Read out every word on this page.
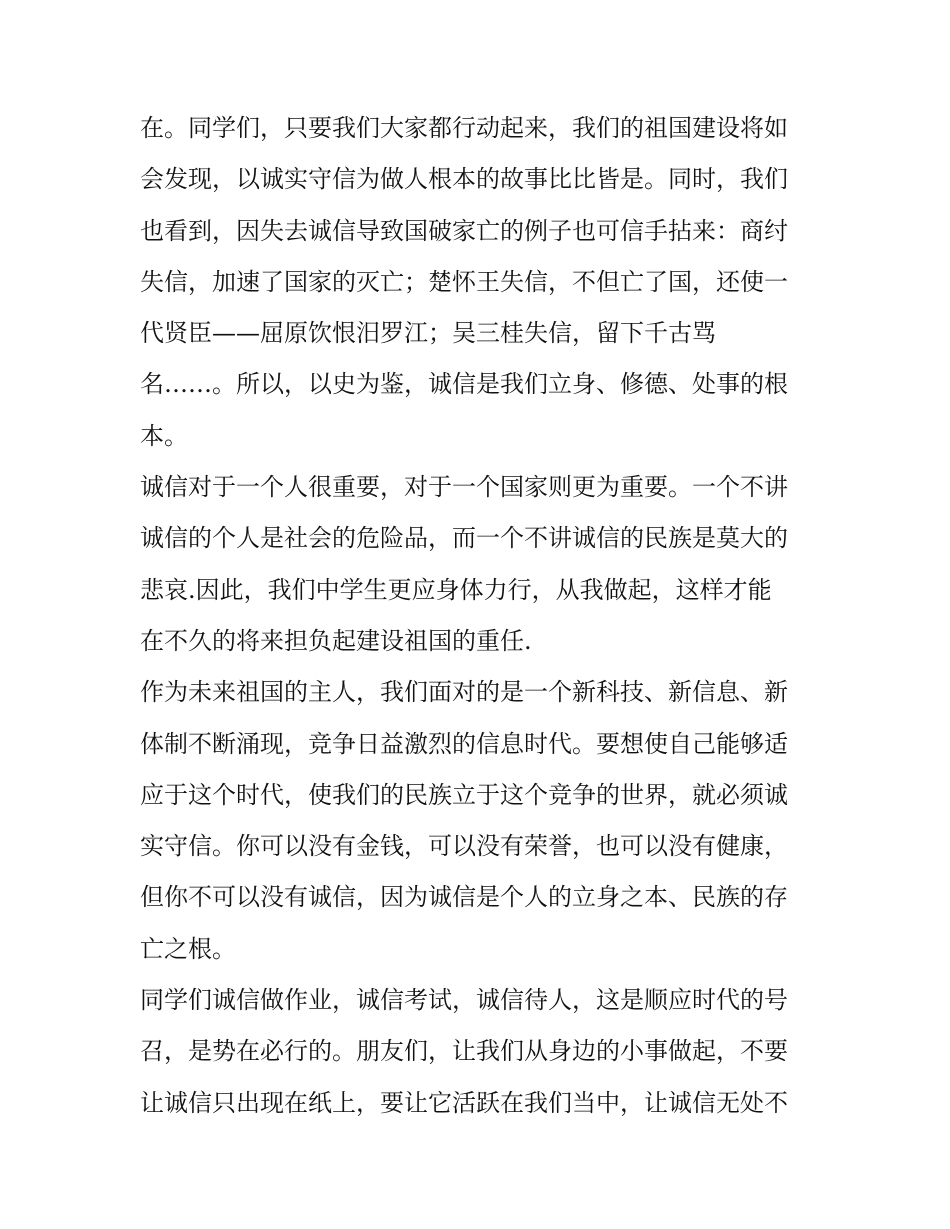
在。同学们，只要我们大家都行动起来，我们的祖国建设将如
会发现，以诚实守信为做人根本的故事比比皆是。同时，我们
也看到，因失去诚信导致国破家亡的例子也可信手拈来：商纣
失信，加速了国家的灭亡；楚怀王失信，不但亡了国，还使一
代贤臣——屈原饮恨汨罗江；吴三桂失信，留下千古骂
名……。所以，以史为鉴，诚信是我们立身、修德、处事的根
本。
诚信对于一个人很重要，对于一个国家则更为重要。一个不讲
诚信的个人是社会的危险品，而一个不讲诚信的民族是莫大的
悲哀.因此，我们中学生更应身体力行，从我做起，这样才能
在不久的将来担负起建设祖国的重任.
作为未来祖国的主人，我们面对的是一个新科技、新信息、新
体制不断涌现，竞争日益激烈的信息时代。要想使自己能够适
应于这个时代，使我们的民族立于这个竞争的世界，就必须诚
实守信。你可以没有金钱，可以没有荣誉，也可以没有健康，
但你不可以没有诚信，因为诚信是个人的立身之本、民族的存
亡之根。
同学们诚信做作业，诚信考试，诚信待人，这是顺应时代的号
召，是势在必行的。朋友们，让我们从身边的小事做起，不要
让诚信只出现在纸上，要让它活跃在我们当中，让诚信无处不
